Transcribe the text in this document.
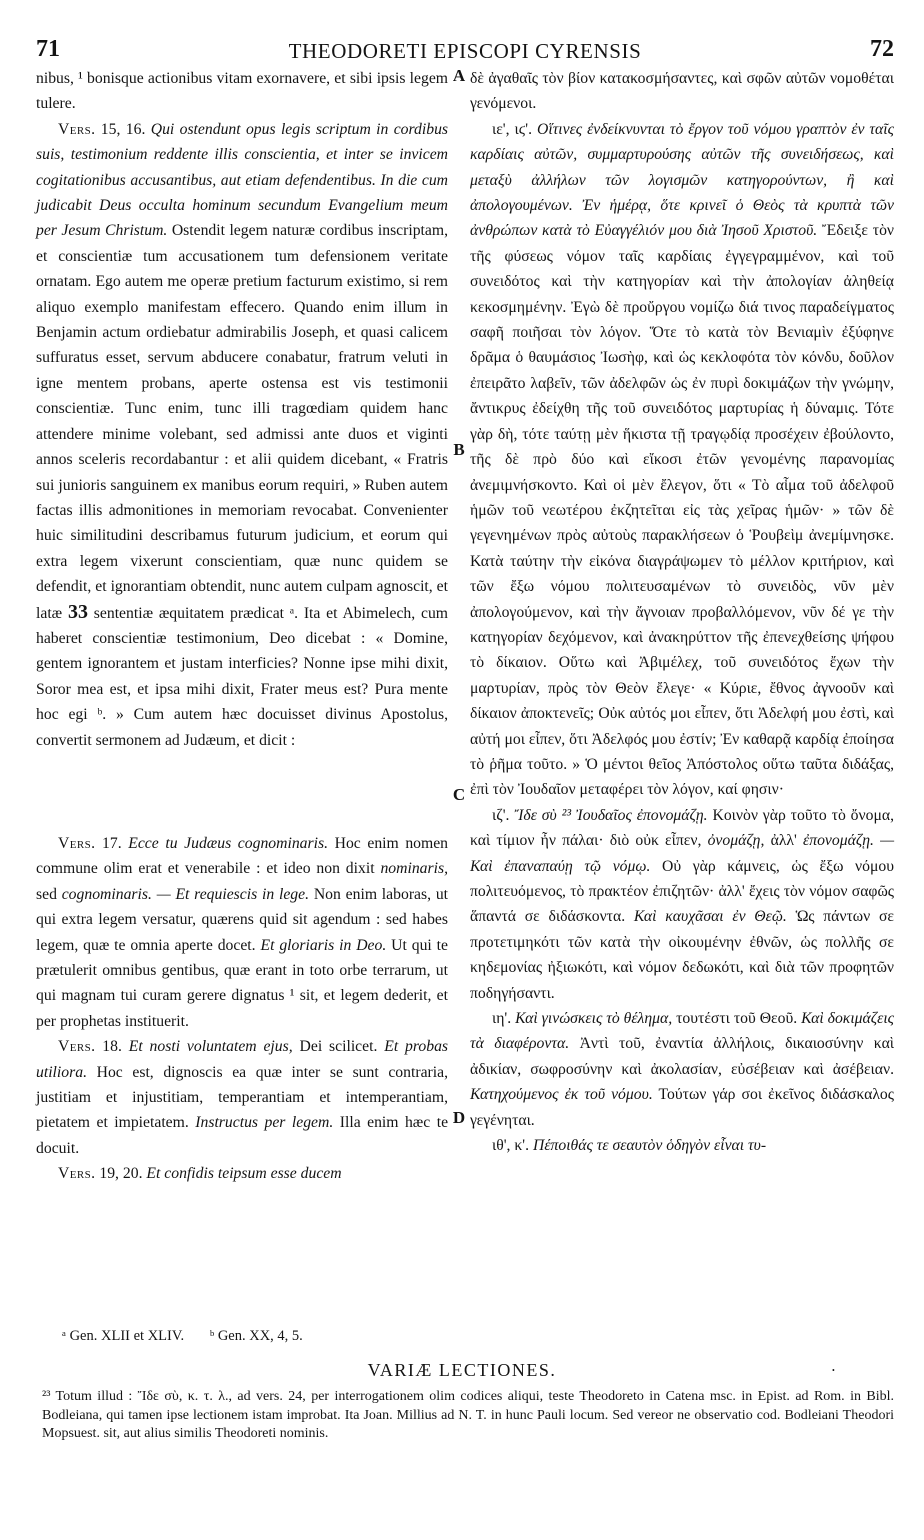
71	THEODORETI EPISCOPI CYRENSIS	72
A
B
C
D

nibus, ¹ bonisque actionibus vitam exornavere, et sibi ipsis legem tulere.

Vers. 15, 16. Qui ostendunt opus legis scriptum in cordibus suis, testimonium reddente illis conscientia, et inter se invicem cogitationibus accusantibus, aut etiam defendentibus. In die cum judicabit Deus occulta hominum secundum Evangelium meum per Jesum Christum. Ostendit legem naturæ cordibus inscriptam, et conscientiæ tum accusationem tum defensionem veritate ornatam. Ego autem me operæ pretium facturum existimo, si rem aliquo exemplo manifestam effecero. Quando enim illum in Benjamin actum ordiebatur admirabilis Joseph, et quasi calicem suffuratus esset, servum abducere conabatur, fratrum veluti in igne mentem probans, aperte ostensa est vis testimonii conscientiæ. Tunc enim, tunc illi tragœdiam quidem hanc attendere minime volebant, sed admissi ante duos et viginti annos sceleris recordabantur : et alii quidem dicebant, « Fratris sui junioris sanguinem ex manibus eorum requiri, » Ruben autem factas illis admonitiones in memoriam revocabat. Convenienter huic similitudini describamus futurum judicium, et eorum qui extra legem vixerunt conscientiam, quæ nunc quidem se defendit, et ignorantiam obtendit, nunc autem culpam agnoscit, et latæ 33 sententiæ æquitatem prædicat ᵃ. Ita et Abimelech, cum haberet conscientiæ testimonium, Deo dicebat : « Domine, gentem ignorantem et justam interficies? Nonne ipse mihi dixit, Soror mea est, et ipsa mihi dixit, Frater meus est? Pura mente hoc egi ᵇ. » Cum autem hæc docuisset divinus Apostolus, convertit sermonem ad Judæum, et dicit :

Vers. 17. Ecce tu Judæus cognominaris. Hoc enim nomen commune olim erat et venerabile : et ideo non dixit nominaris, sed cognominaris. — Et requiescis in lege. Non enim laboras, ut qui extra legem versatur, quærens quid sit agendum : sed habes legem, quæ te omnia aperte docet. Et gloriaris in Deo. Ut qui te prætulerit omnibus gentibus, quæ erant in toto orbe terrarum, ut qui magnam tui curam gerere dignatus ¹ sit, et legem dederit, et per prophetas instituerit.

Vers. 18. Et nosti voluntatem ejus, Dei scilicet. Et probas utiliora. Hoc est, dignoscis ea quæ inter se sunt contraria, justitiam et injustitiam, temperantiam et intemperantiam, pietatem et impietatem. Instructus per legem. Illa enim hæc te docuit.

Vers. 19, 20. Et confidis teipsum esse ducem

δὲ ἀγαθαῖς τὸν βίον κατακοσμήσαντες, καὶ σφῶν αὐτῶν νομοθέται γενόμενοι.

ιε', ιϛ'. Οἵτινες ἐνδείκνυνται τὸ ἔργον τοῦ νόμου γραπτὸν ἐν ταῖς καρδίαις αὐτῶν, συμμαρτυρούσης αὐτῶν τῆς συνειδήσεως, καὶ μεταξὺ ἀλλήλων τῶν λογισμῶν κατηγορούντων, ἢ καὶ ἀπολογουμένων. Ἐν ἡμέρᾳ, ὅτε κρινεῖ ὁ Θεὸς τὰ κρυπτὰ τῶν ἀνθρώπων κατὰ τὸ Εὐαγγέλιόν μου διὰ Ἰησοῦ Χριστοῦ. Ἔδειξε τὸν τῆς φύσεως νόμον ταῖς καρδίαις ἐγγεγραμμένον, καὶ τοῦ συνειδότος καὶ τὴν κατηγορίαν καὶ τὴν ἀπολογίαν ἀληθείᾳ κεκοσμημένην. Ἐγὼ δὲ προὔργου νομίζω διά τινος παραδείγματος σαφῆ ποιῆσαι τὸν λόγον. Ὅτε τὸ κατὰ τὸν Βενιαμὶν ἐξύφηνε δρᾶμα ὁ θαυμάσιος Ἰωσὴφ, καὶ ὡς κεκλοφότα τὸν κόνδυ, δοῦλον ἐπειρᾶτο λαβεῖν, τῶν ἀδελφῶν ὡς ἐν πυρὶ δοκιμάζων τὴν γνώμην, ἄντικρυς ἐδείχθη τῆς τοῦ συνειδότος μαρτυρίας ἡ δύναμις. Τότε γὰρ δὴ, τότε ταύτῃ μὲν ἥκιστα τῇ τραγῳδίᾳ προσέχειν ἐβούλοντο, τῆς δὲ πρὸ δύο καὶ εἴκοσι ἐτῶν γενομένης παρανομίας ἀνεμιμνήσκοντο. Καὶ οἱ μὲν ἔλεγον, ὅτι « Τὸ αἷμα τοῦ ἀδελφοῦ ἡμῶν τοῦ νεωτέρου ἐκζητεῖται εἰς τὰς χεῖρας ἡμῶν· » τῶν δὲ γεγενημένων πρὸς αὐτοὺς παρακλήσεων ὁ Ῥουβεὶμ ἀνεμίμνησκε. Κατὰ ταύτην τὴν εἰκόνα διαγράψωμεν τὸ μέλλον κριτήριον, καὶ τῶν ἔξω νόμου πολιτευσαμένων τὸ συνειδὸς, νῦν μὲν ἀπολογούμενον, καὶ τὴν ἄγνοιαν προβαλλόμενον, νῦν δέ γε τὴν κατηγορίαν δεχόμενον, καὶ ἀνακηρύττον τῆς ἐπενεχθείσης ψήφου τὸ δίκαιον. Οὕτω καὶ Ἀβιμέλεχ, τοῦ συνειδότος ἔχων τὴν μαρτυρίαν, πρὸς τὸν Θεὸν ἔλεγε· « Κύριε, ἔθνος ἀγνοοῦν καὶ δίκαιον ἀποκτενεῖς; Οὐκ αὐτός μοι εἶπεν, ὅτι Ἀδελφή μου ἐστὶ, καὶ αὐτή μοι εἶπεν, ὅτι Ἀδελφός μου ἐστίν; Ἐν καθαρᾷ καρδίᾳ ἐποίησα τὸ ῥῆμα τοῦτο. » Ὁ μέντοι θεῖος Ἀπόστολος οὕτω ταῦτα διδάξας, ἐπὶ τὸν Ἰουδαῖον μεταφέρει τὸν λόγον, καί φησιν·

ιζ'. Ἴδε σὺ ²³ Ἰουδαῖος ἐπονομάζῃ. Κοινὸν γὰρ τοῦτο τὸ ὄνομα, καὶ τίμιον ἦν πάλαι· διὸ οὐκ εἶπεν, ὀνομάζῃ, ἀλλ' ἐπονομάζῃ. — Καὶ ἐπαναπαύῃ τῷ νόμῳ. Οὐ γὰρ κάμνεις, ὡς ἔξω νόμου πολιτευόμενος, τὸ πρακτέον ἐπιζητῶν· ἀλλ' ἔχεις τὸν νόμον σαφῶς ἅπαντά σε διδάσκοντα. Καὶ καυχᾶσαι ἐν Θεῷ. Ὡς πάντων σε προτετιμηκότι τῶν κατὰ τὴν οἰκουμένην ἐθνῶν, ὡς πολλῆς σε κηδεμονίας ἠξιωκότι, καὶ νόμον δεδωκότι, καὶ διὰ τῶν προφητῶν ποδηγήσαντι.

ιη'. Καὶ γινώσκεις τὸ θέλημα, τουτέστι τοῦ Θεοῦ. Καὶ δοκιμάζεις τὰ διαφέροντα. Ἀντὶ τοῦ, ἐναντία ἀλλήλοις, δικαιοσύνην καὶ ἀδικίαν, σωφροσύνην καὶ ἀκολασίαν, εὐσέβειαν καὶ ἀσέβειαν. Κατηχούμενος ἐκ τοῦ νόμου. Τούτων γάρ σοι ἐκεῖνος διδάσκαλος γεγένηται.

ιθ', κ'. Πέποιθάς τε σεαυτὸν ὁδηγὸν εἶναι τυ-

ᵃ Gen. XLII et XLIV. ᵇ Gen. XX, 4, 5.
VARIÆ LECTIONES.	•
²³ Totum illud : Ἴδε σὺ, κ. τ. λ., ad vers. 24, per interrogationem olim codices aliqui, teste Theodoreto in Catena msc. in Epist. ad Rom. in Bibl. Bodleiana, qui tamen ipse lectionem istam improbat. Ita Joan. Millius ad N. T. in hunc Pauli locum. Sed vereor ne observatio cod. Bodleiani Theodori Mopsuest. sit, aut alius similis Theodoreti nominis.
